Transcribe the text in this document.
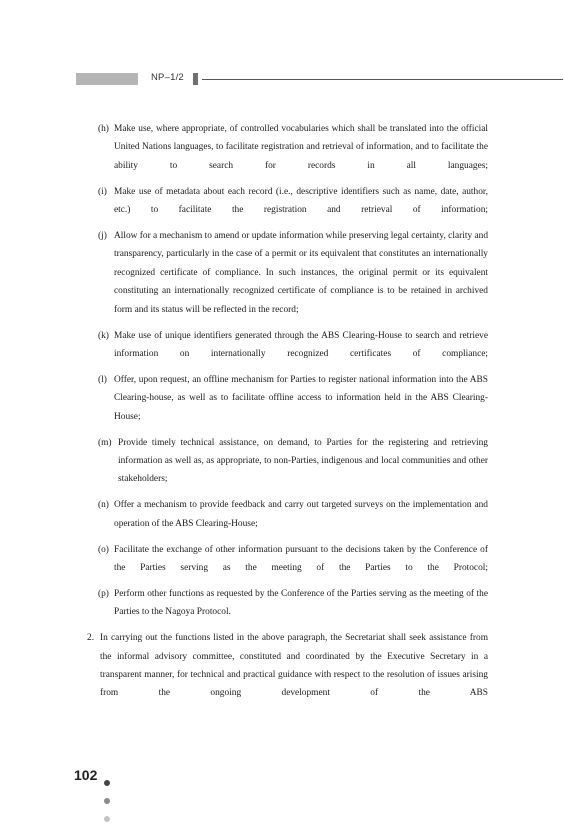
NP–1/2
(h) Make use, where appropriate, of controlled vocabularies which shall be translated into the official United Nations languages, to facilitate registration and retrieval of information, and to facilitate the ability to search for records in all languages;
(i) Make use of metadata about each record (i.e., descriptive identifiers such as name, date, author, etc.) to facilitate the registration and retrieval of information;
(j) Allow for a mechanism to amend or update information while preserving legal certainty, clarity and transparency, particularly in the case of a permit or its equivalent that constitutes an internationally recognized certificate of compliance. In such instances, the original permit or its equivalent constituting an internationally recognized certificate of compliance is to be retained in archived form and its status will be reflected in the record;
(k) Make use of unique identifiers generated through the ABS Clearing-House to search and retrieve information on internationally recognized certificates of compliance;
(l) Offer, upon request, an offline mechanism for Parties to register national information into the ABS Clearing-house, as well as to facilitate offline access to information held in the ABS Clearing-House;
(m) Provide timely technical assistance, on demand, to Parties for the registering and retrieving information as well as, as appropriate, to non-Parties, indigenous and local communities and other stakeholders;
(n) Offer a mechanism to provide feedback and carry out targeted surveys on the implementation and operation of the ABS Clearing-House;
(o) Facilitate the exchange of other information pursuant to the decisions taken by the Conference of the Parties serving as the meeting of the Parties to the Protocol;
(p) Perform other functions as requested by the Conference of the Parties serving as the meeting of the Parties to the Nagoya Protocol.
2. In carrying out the functions listed in the above paragraph, the Secretariat shall seek assistance from the informal advisory committee, constituted and coordinated by the Executive Secretary in a transparent manner, for technical and practical guidance with respect to the resolution of issues arising from the ongoing development of the ABS
102
